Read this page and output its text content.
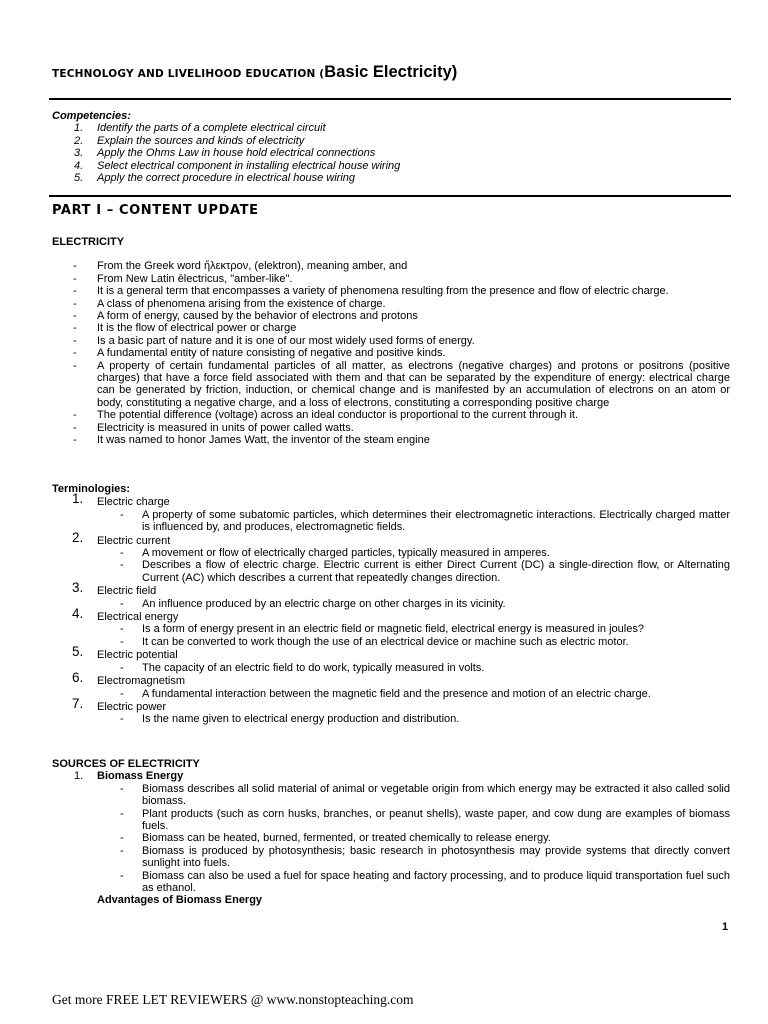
TECHNOLOGY AND LIVELIHOOD EDUCATION (Basic Electricity)
Competencies:
1.	Identify the parts of a complete electrical circuit
2.	Explain the sources and kinds of electricity
3.	Apply the Ohms Law in house hold electrical connections
4.	Select electrical component in installing electrical house wiring
5.	Apply the correct procedure in electrical house wiring
PART I – CONTENT UPDATE
ELECTRICITY
- From the Greek word ἤλεκτρον, (elektron), meaning amber, and
- From New Latin ēlectricus, "amber-like".
- It is a general term that encompasses a variety of phenomena resulting from the presence and flow of electric charge.
- A class of phenomena arising from the existence of charge.
- A form of energy, caused by the behavior of electrons and protons
- It is the flow of electrical power or charge
- Is a basic part of nature and it is one of our most widely used forms of energy.
- A fundamental entity of nature consisting of negative and positive kinds.
- A property of certain fundamental particles of all matter, as electrons (negative charges) and protons or positrons (positive charges) that have a force field associated with them and that can be separated by the expenditure of energy: electrical charge can be generated by friction, induction, or chemical change and is manifested by an accumulation of electrons on an atom or body, constituting a negative charge, and a loss of electrons, constituting a corresponding positive charge
- The potential difference (voltage) across an ideal conductor is proportional to the current through it.
- Electricity is measured in units of power called watts.
- It was named to honor James Watt, the inventor of the steam engine
Terminologies:
1. Electric charge
- A property of some subatomic particles, which determines their electromagnetic interactions. Electrically charged matter is influenced by, and produces, electromagnetic fields.
2. Electric current
- A movement or flow of electrically charged particles, typically measured in amperes.
- Describes a flow of electric charge. Electric current is either Direct Current (DC) a single-direction flow, or Alternating Current (AC) which describes a current that repeatedly changes direction.
3. Electric field
- An influence produced by an electric charge on other charges in its vicinity.
4. Electrical energy
- Is a form of energy present in an electric field or magnetic field, electrical energy is measured in joules?
- It can be converted to work though the use of an electrical device or machine such as electric motor.
5. Electric potential
- The capacity of an electric field to do work, typically measured in volts.
6. Electromagnetism
- A fundamental interaction between the magnetic field and the presence and motion of an electric charge.
7. Electric power
- Is the name given to electrical energy production and distribution.
SOURCES OF ELECTRICITY
1. Biomass Energy
- Biomass describes all solid material of animal or vegetable origin from which energy may be extracted it also called solid biomass.
- Plant products (such as corn husks, branches, or peanut shells), waste paper, and cow dung are examples of biomass fuels.
- Biomass can be heated, burned, fermented, or treated chemically to release energy.
- Biomass is produced by photosynthesis; basic research in photosynthesis may provide systems that directly convert sunlight into fuels.
- Biomass can also be used a fuel for space heating and factory processing, and to produce liquid transportation fuel such as ethanol.
Advantages of Biomass Energy
1
Get more FREE LET REVIEWERS @ www.nonstopteaching.com
